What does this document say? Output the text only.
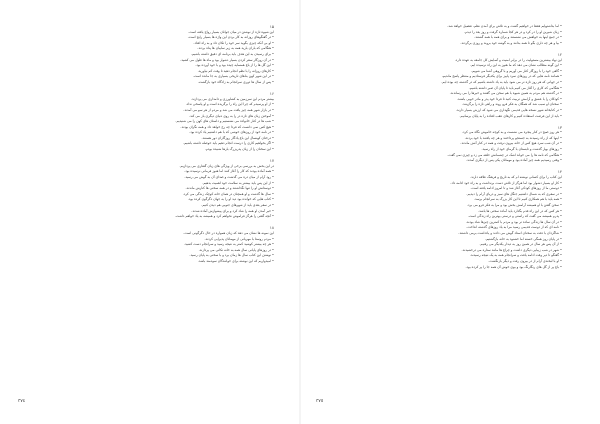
۱۵
این شیوه تازه از نوشتن در میان جوانان بسیار رواج یافته است.
• در گفتگوهای روزانه به کار بردن این واژه ها بسیار رایج است.
• او بی آنکه چیزی بگوید سر خود را تکان داد و به راه افتاد.
• هنگامی که باران بارید همه به زیر سایبان ها پناه بردند.
• برای رسیدن به این هدف باید برنامه ای دقیق داشته باشیم.
• در آن روزگار سفر کردن بسیار دشوار بود و ماه ها طول می کشید.
• این گل ها را از باغ همسایه چیده بود و با خود آورده بود.
• کارهای روزانه را با نظم انجام دهید تا وقت کم نیاورید.
• در این شهر کهن بناهای تاریخی بسیاری به جا مانده است.
• پس از سال ها دوری سرانجام به زادگاه خود بازگشت.
۱۶
بیشتر مردم این سرزمین به کشاورزی و دامداری می پردازند.
• از او پرسیدم که چرا این راه را برگزیده است و او پاسخی نداد.
• در بازار شهر همه چیز یافت می شد و مردم از هر سو می آمدند.
• آموختن زبان های تازه در را به روی دنیای دیگری باز می کند.
• شب ها در کنار خانواده می نشستیم و داستان های کهن را می شنیدیم.
• هیچ کس نمی دانست که فردا چه رخ خواهد داد و همه نگران بودند.
• در نامه خود از روزهای خوشی که با هم داشتیم یاد کرده بود.
• درختان کهنسال این باغ یادگار روزگاران دور هستند.
• اگر بخواهیم کاری را درست انجام دهیم باید حوصله داشته باشیم.
• این سخنان را از زبان پدربزرگ بارها شنیده بودم.
۱۷
در این بخش به بررسی برخی از ویژگی های زبان گفتاری می پردازیم.
• همه آماده بودند که کار را آغاز کنند اما هنوز فرمانی نرسیده بود.
• رود آرام از میان دره می گذشت و صدای آن به گوش می رسید.
• از این پس باید بیشتر به سلامت خود اهمیت بدهیم.
• دوستانش او را تنها نگذاشتند و در همه سختی ها کنارش ماندند.
• سال ها گذشت و او همچنان در همان خانه کوچک زندگی می کرد.
• کتاب هایی که خوانده بود دید او را به جهان دگرگون کرده بود.
• در سفر بعدی باید از شهرهای جنوبی هم دیدن کنیم.
• خبر آمدن او همه را شاد کرد و برای پیشوازش آماده شدند.
• آنچه گفتی را هرگز فراموش نخواهم کرد و همیشه به یاد خواهم داشت.
۱۸
این نمونه ها نشان می دهد که زبان همواره در حال دگرگونی است.
• مردم روستا با مهربانی از مهمانان پذیرایی کردند.
• هر چه بیشتر کوشید کمتر به نتیجه رسید و سرانجام دست کشید.
• در روزهای پایانی سال همه به خانه تکانی می پردازند.
• نوشتن این کتاب سال ها زمان برد و با سختی به پایان رسید.
• امیدواریم که این نوشته برای خوانندگان سودمند باشد.
٣٧٤
• اما بداشتهایم فقط در خواهیم گشت و به تلاش برای آمدن نظم، تفصیل خواهد شد.
• زبان شیرین او را در کرد و در هر کجا شماره گرفت و روز بعد را دیدم.
• در جمع اینها به خواهش می نشستند و برای همه با همه گشتند.
• بیا و هر چه داری بگو تا همه بدانند و به گوشه خود بروند و روزی برگردند.
۱۲
این نهاد بیشترین مسئولیت را در برابر امنیت و آسایش کل جامعه به عهده دارد.
• این گونه مطالب نشان می دهد که ما هنوز به این راه نرسیده ایم.
• گاهی خود را با روزگار کنار می آوریم و با گروهی آشنا می شویم.
• همانند نامه هایی که در روزهای سرد پاییز برای یکدیگر فرستادیم و منتظر پاسخ ماندیم،
• در جهانی که هر روز تازه تر می شود باید به یاد داشته باشیم که در گذشته چه بوده ایم.
• هنگامی که کاری را آغاز می کنیم باید تا پایان آن صبر داشته باشیم.
• در گذشته هم مردم به همین شیوه با هم سخن می گفتند و خبرها را می رساندند.
• کودکان را با عشق و آرامش تربیت کنید تا فردا خود پدر و مادر خوبی باشند.
• سخنان او سبب شد که همگان به فکر فرو روند و راهی تازه را برگزینند.
• در کتابخانه شهر نسخه هایی قدیمی نگهداری می شود که ارزش بسیار دارند.
• باید از این فرصت استفاده کنیم و کارهای عقب افتاده را به پایان برسانیم.
۱۳
• هر روز صبح در کنار پنجره می نشست و به کوچه خاموش نگاه می کرد.
• اینها که از راه رسیدند به جستجو پرداختند و هر چه یافتند با خود بردند.
• در آن شب سرد هیچ کس از خانه بیرون نرفت و همه در کنار آتش ماندند.
• روزهای بهار گذشت و تابستان با گرمای خود از راه رسید.
• هنگامی که نامه ها را می خواند اشک در چشمانش حلقه می زد و چیزی نمی گفت.
• وقتی رسیدیم همه چیز آماده بود و مهمانان یکی پس از دیگری آمدند.
۱۴
این کتاب را برای کسانی نوشته ام که به تاریخ و فرهنگ علاقه دارند.
• کار او بسیار دشوار بود اما هرگز از تلاش دست برنداشت و به راه خود ادامه داد.
• دوستی ما از روزهای کودکی آغاز شد و تا امروز ادامه یافته است.
• در سفری که به شمال داشتیم جنگل های سبز و دریای آرام را دیدیم.
• همه باید با هم همکاری کنیم تا این کار بزرگ به سرانجام برسد.
• سخن گفتن با او همیشه آرامش بخش بود و مرا به فکر فرو می برد.
• هر کس که در این راه قدم بگذارد باید آماده سختی ها باشد.
• پدرم همیشه می گفت که راستی و درستی بهترین راه زندگی است.
• در آن سال ها زندگی ساده تر بود و مردم با کمترین چیزها شاد بودند.
• نامه ای که از دوست قدیمی رسید مرا به یاد روزهای گذشته انداخت.
• شاگردان با دقت به سخنان استاد گوش می دادند و یادداشت برمی داشتند.
• در پایان روز همگی خسته اما خشنود به خانه بازگشتیم.
• از آن پس هر سال در همین روز به دیدار یکدیگر می رفتیم.
• شهر در شب زیبایی دیگری داشت و چراغ ها مانند ستاره می درخشیدند.
• گفتگو تا دیر وقت ادامه یافت و سرانجام همه به یک نتیجه رسیدند.
• او با لبخندی آرام از در بیرون رفت و دیگر بازنگشت.
• باغ پر از گل های رنگارنگ بود و بوی خوش آن همه جا را پر کرده بود.
٣٧٥
